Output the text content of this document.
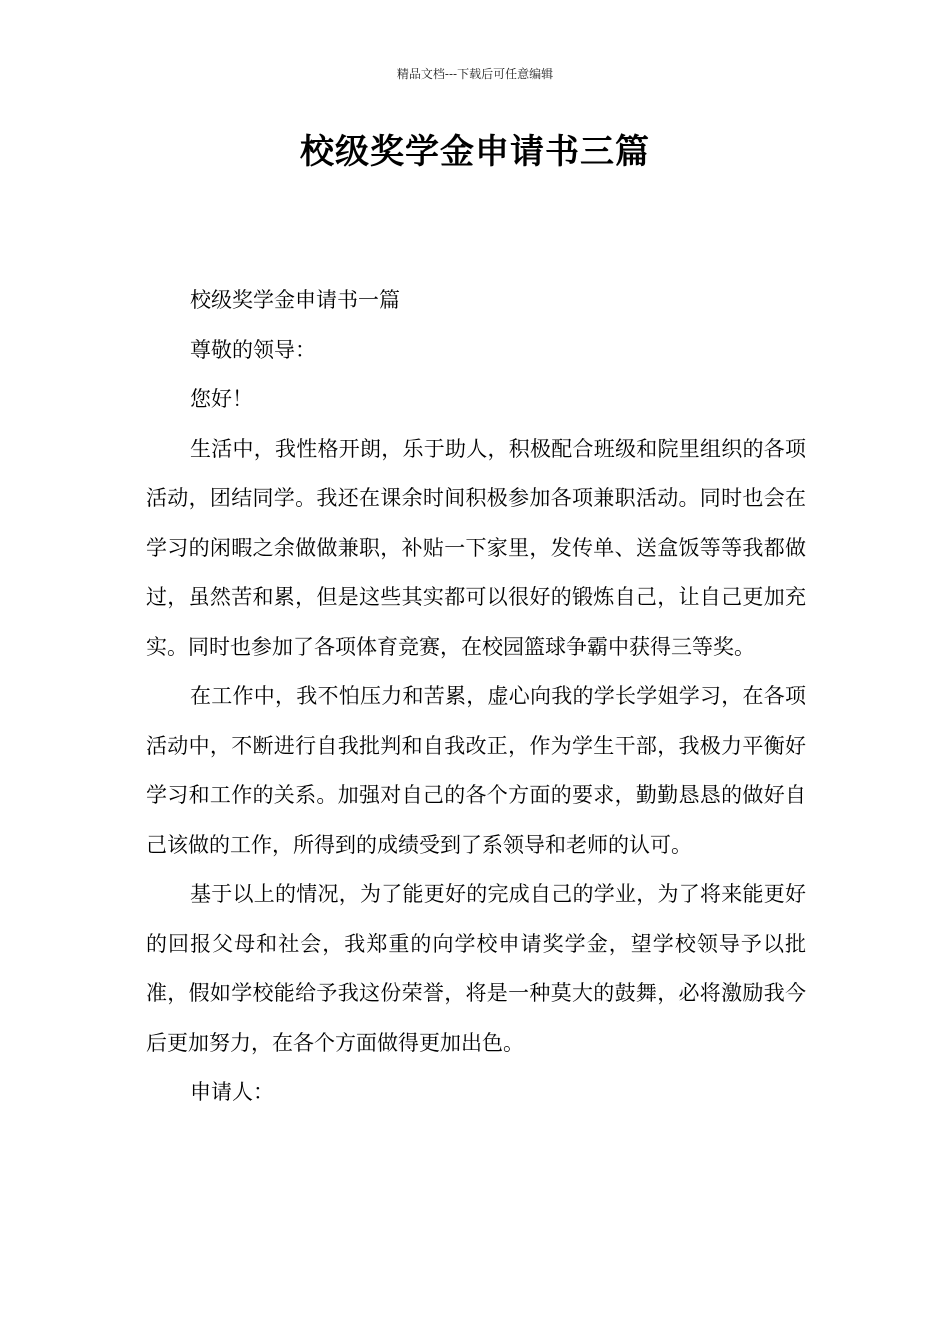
精品文档---下载后可任意编辑
校级奖学金申请书三篇

校级奖学金申请书一篇

尊敬的领导：

您好！

生活中，我性格开朗，乐于助人，积极配合班级和院里组织的各项活动，团结同学。我还在课余时间积极参加各项兼职活动。同时也会在学习的闲暇之余做做兼职，补贴一下家里，发传单、送盒饭等等我都做过，虽然苦和累，但是这些其实都可以很好的锻炼自己，让自己更加充实。同时也参加了各项体育竞赛，在校园篮球争霸中获得三等奖。

在工作中，我不怕压力和苦累，虚心向我的学长学姐学习，在各项活动中，不断进行自我批判和自我改正，作为学生干部，我极力平衡好学习和工作的关系。加强对自己的各个方面的要求，勤勤恳恳的做好自己该做的工作，所得到的成绩受到了系领导和老师的认可。

基于以上的情况，为了能更好的完成自己的学业，为了将来能更好的回报父母和社会，我郑重的向学校申请奖学金，望学校领导予以批准，假如学校能给予我这份荣誉，将是一种莫大的鼓舞，必将激励我今后更加努力，在各个方面做得更加出色。

申请人：
